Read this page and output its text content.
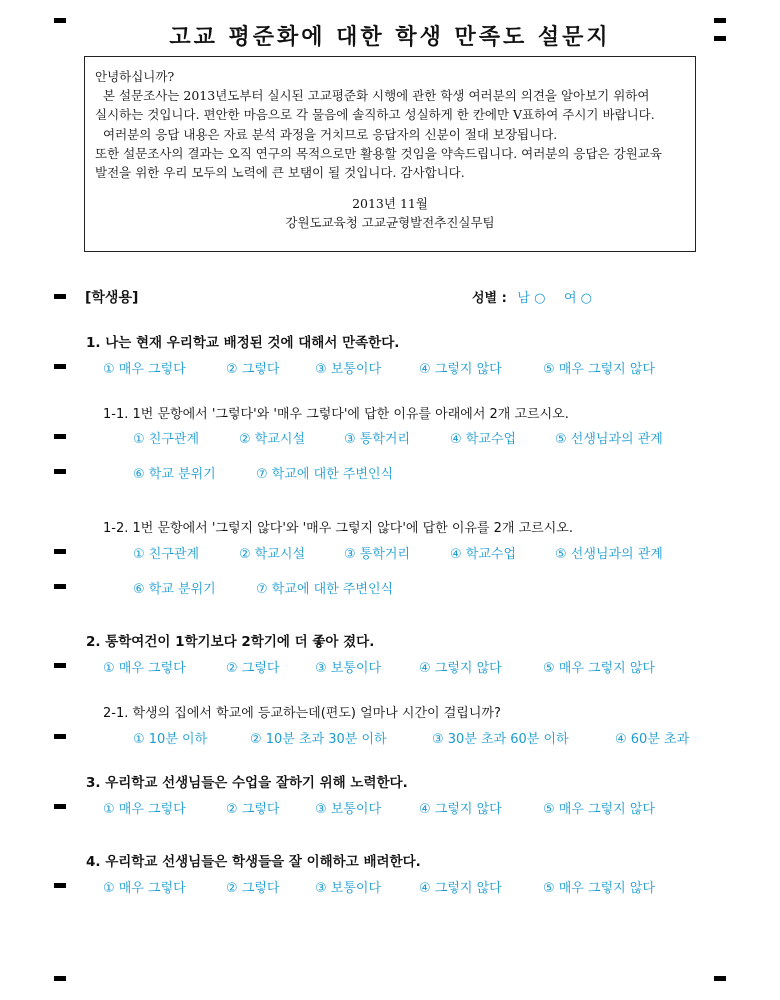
고교 평준화에 대한 학생 만족도 설문지
안녕하십니까?
본 설문조사는 2013년도부터 실시된 고교평준화 시행에 관한 학생 여러분의 의견을 알아보기 위하여
실시하는 것입니다. 편안한 마음으로 각 물음에 솔직하고 성실하게 한 칸에만 V표하여 주시기 바랍니다.
여러분의 응답 내용은 자료 분석 과정을 거치므로 응답자의 신분이 절대 보장됩니다.
또한 설문조사의 결과는 오직 연구의 목적으로만 활용할 것임을 약속드립니다. 여러분의 응답은 강원교육
발전을 위한 우리 모두의 노력에 큰 보탬이 될 것입니다. 감사합니다.
2013년 11월
강원도교육청 고교균형발전추진실무팀
[학생용]	성별 : 남 ○ 여 ○
1. 나는 현재 우리학교 배정된 것에 대해서 만족한다.
① 매우 그렇다	② 그렇다	③ 보통이다	④ 그렇지 않다	⑤ 매우 그렇지 않다
1-1. 1번 문항에서 '그렇다'와 '매우 그렇다'에 답한 이유를 아래에서 2개 고르시오.
① 친구관계	② 학교시설	③ 통학거리	④ 학교수업	⑤ 선생님과의 관계
⑥ 학교 분위기	⑦ 학교에 대한 주변인식
1-2. 1번 문항에서 '그렇지 않다'와 '매우 그렇지 않다'에 답한 이유를 2개 고르시오.
① 친구관계	② 학교시설	③ 통학거리	④ 학교수업	⑤ 선생님과의 관계
⑥ 학교 분위기	⑦ 학교에 대한 주변인식
2. 통학여건이 1학기보다 2학기에 더 좋아 졌다.
① 매우 그렇다	② 그렇다	③ 보통이다	④ 그렇지 않다	⑤ 매우 그렇지 않다
2-1. 학생의 집에서 학교에 등교하는데(편도) 얼마나 시간이 걸립니까?
① 10분 이하	② 10분 초과 30분 이하	③ 30분 초과 60분 이하	④ 60분 초과
3. 우리학교 선생님들은 수업을 잘하기 위해 노력한다.
① 매우 그렇다	② 그렇다	③ 보통이다	④ 그렇지 않다	⑤ 매우 그렇지 않다
4. 우리학교 선생님들은 학생들을 잘 이해하고 배려한다.
① 매우 그렇다	② 그렇다	③ 보통이다	④ 그렇지 않다	⑤ 매우 그렇지 않다
